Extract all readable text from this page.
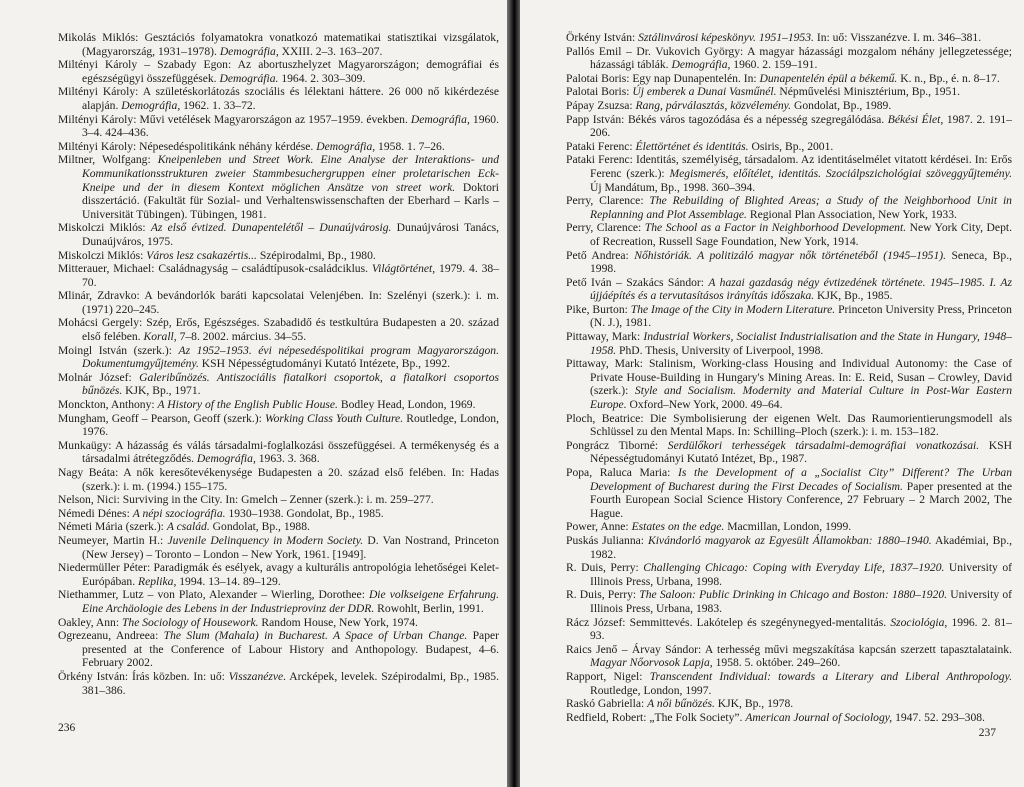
Mikolás Miklós: Gesztációs folyamatokra vonatkozó matematikai statisztikai vizsgálatok, (Magyarország, 1931–1978). Demográfia, XXIII. 2–3. 163–207.

Miltényi Károly – Szabady Egon: Az abortuszhelyzet Magyarországon; demográfiai és egészségügyi összefüggések. Demográfia. 1964. 2. 303–309.

Miltényi Károly: A születéskorlátozás szociális és lélektani háttere. 26 000 nő kikérdezése alapján. Demográfia, 1962. 1. 33–72.

Miltényi Károly: Művi vetélések Magyarországon az 1957–1959. években. Demográfia, 1960. 3–4. 424–436.

Miltényi Károly: Népesedéspolitikánk néhány kérdése. Demográfia, 1958. 1. 7–26.

Miltner, Wolfgang: Kneipenleben und Street Work. Eine Analyse der Interaktions- und Kommunikationsstrukturen zweier Stammbesuchergruppen einer proletarischen Eck-Kneipe und der in diesem Kontext möglichen Ansätze von street work. Doktori disszertáció. (Fakultät für Sozial- und Verhaltenswissenschaften der Eberhard – Karls – Universität Tübingen). Tübingen, 1981.

Miskolczi Miklós: Az első évtized. Dunapentelétől – Dunaújvárosig. Dunaújvárosi Tanács, Dunaújváros, 1975.

Miskolczi Miklós: Város lesz csakazértis... Szépirodalmi, Bp., 1980.

Mitterauer, Michael: Családnagyság – családtípusok-családciklus. Világtörténet, 1979. 4. 38–70.

Mlinár, Zdravko: A bevándorlók baráti kapcsolatai Velenjében. In: Szelényi (szerk.): i. m. (1971) 220–245.

Mohácsi Gergely: Szép, Erős, Egészséges. Szabadidő és testkultúra Budapesten a 20. század első felében. Korall, 7–8. 2002. március. 34–55.

Moingl István (szerk.): Az 1952–1953. évi népesedéspolitikai program Magyarországon. Dokumentumgyűjtemény. KSH Népességtudományi Kutató Intézete, Bp., 1992.

Molnár József: Galeribűnözés. Antiszociális fiatalkori csoportok, a fiatalkori csoportos bűnözés. KJK, Bp., 1971.

Monckton, Anthony: A History of the English Public House. Bodley Head, London, 1969.

Mungham, Geoff – Pearson, Geoff (szerk.): Working Class Youth Culture. Routledge, London, 1976.

Munkaügy: A házasság és válás társadalmi-foglalkozási összefüggései. A termékenység és a társadalmi átrétegződés. Demográfia, 1963. 3. 368.

Nagy Beáta: A nők keresőtevékenysége Budapesten a 20. század első felében. In: Hadas (szerk.): i. m. (1994.) 155–175.

Nelson, Nici: Surviving in the City. In: Gmelch – Zenner (szerk.): i. m. 259–277.

Némedi Dénes: A népi szociográfia. 1930–1938. Gondolat, Bp., 1985.

Németi Mária (szerk.): A család. Gondolat, Bp., 1988.

Neumeyer, Martin H.: Juvenile Delinquency in Modern Society. D. Van Nostrand, Princeton (New Jersey) – Toronto – London – New York, 1961. [1949].

Niedermüller Péter: Paradigmák és esélyek, avagy a kulturális antropológia lehetőségei Kelet-Európában. Replika, 1994. 13–14. 89–129.

Niethammer, Lutz – von Plato, Alexander – Wierling, Dorothee: Die volkseigene Erfahrung. Eine Archäologie des Lebens in der Industrieprovinz der DDR. Rowohlt, Berlin, 1991.

Oakley, Ann: The Sociology of Housework. Random House, New York, 1974.

Ogrezeanu, Andreea: The Slum (Mahala) in Bucharest. A Space of Urban Change. Paper presented at the Conference of Labour History and Anthopology. Budapest, 4–6. February 2002.

Örkény István: Írás közben. In: uő: Visszanézve. Arcképek, levelek. Szépirodalmi, Bp., 1985. 381–386.

236

Örkény István: Sztálinvárosi képeskönyv. 1951–1953. In: uő: Visszanézve. I. m. 346–381.

Pallós Emil – Dr. Vukovich György: A magyar házassági mozgalom néhány jellegzetessége; házassági táblák. Demográfia, 1960. 2. 159–191.

Palotai Boris: Egy nap Dunapentelén. In: Dunapentelén épül a békemű. K. n., Bp., é. n. 8–17.

Palotai Boris: Új emberek a Dunai Vasműnél. Népművelési Minisztérium, Bp., 1951.

Pápay Zsuzsa: Rang, párválasztás, közvélemény. Gondolat, Bp., 1989.

Papp István: Békés város tagozódása és a népesség szegregálódása. Békési Élet, 1987. 2. 191–206.

Pataki Ferenc: Élettörténet és identitás. Osiris, Bp., 2001.

Pataki Ferenc: Identitás, személyiség, társadalom. Az identitáselmélet vitatott kérdései. In: Erős Ferenc (szerk.): Megismerés, előítélet, identitás. Szociálpszichológiai szöveggyűjtemény. Új Mandátum, Bp., 1998. 360–394.

Perry, Clarence: The Rebuilding of Blighted Areas; a Study of the Neighborhood Unit in Replanning and Plot Assemblage. Regional Plan Association, New York, 1933.

Perry, Clarence: The School as a Factor in Neighborhood Development. New York City, Dept. of Recreation, Russell Sage Foundation, New York, 1914.

Pető Andrea: Nőhistóriák. A politizáló magyar nők történetéből (1945–1951). Seneca, Bp., 1998.

Pető Iván – Szakács Sándor: A hazai gazdaság négy évtizedének története. 1945–1985. I. Az újjáépítés és a tervutasításos irányítás időszaka. KJK, Bp., 1985.

Pike, Burton: The Image of the City in Modern Literature. Princeton University Press, Princeton (N. J.), 1981.

Pittaway, Mark: Industrial Workers, Socialist Industrialisation and the State in Hungary, 1948–1958. PhD. Thesis, University of Liverpool, 1998.

Pittaway, Mark: Stalinism, Working-class Housing and Individual Autonomy: the Case of Private House-Building in Hungary's Mining Areas. In: E. Reid, Susan – Crowley, David (szerk.): Style and Socialism. Modernity and Material Culture in Post-War Eastern Europe. Oxford–New York, 2000. 49–64.

Ploch, Beatrice: Die Symbolisierung der eigenen Welt. Das Raumorientierungsmodell als Schlüssel zu den Mental Maps. In: Schilling–Ploch (szerk.): i. m. 153–182.

Pongrácz Tiborné: Serdülőkori terhességek társadalmi-demográfiai vonatkozásai. KSH Népességtudományi Kutató Intézet, Bp., 1987.

Popa, Raluca Maria: Is the Development of a „Socialist City” Different? The Urban Development of Bucharest during the First Decades of Socialism. Paper presented at the Fourth European Social Science History Conference, 27 February – 2 March 2002, The Hague.

Power, Anne: Estates on the edge. Macmillan, London, 1999.

Puskás Julianna: Kivándorló magyarok az Egyesült Államokban: 1880–1940. Akadémiai, Bp., 1982.

R. Duis, Perry: Challenging Chicago: Coping with Everyday Life, 1837–1920. University of Illinois Press, Urbana, 1998.

R. Duis, Perry: The Saloon: Public Drinking in Chicago and Boston: 1880–1920. University of Illinois Press, Urbana, 1983.

Rácz József: Semmittevés. Lakótelep és szegénynegyed-mentalitás. Szociológia, 1996. 2. 81–93.

Raics Jenő – Árvay Sándor: A terhesség művi megszakítása kapcsán szerzett tapasztalataink. Magyar Nőorvosok Lapja, 1958. 5. október. 249–260.

Rapport, Nigel: Transcendent Individual: towards a Literary and Liberal Anthropology. Routledge, London, 1997.

Raskó Gabriella: A női bűnözés. KJK, Bp., 1978.

Redfield, Robert: „The Folk Society”. American Journal of Sociology, 1947. 52. 293–308.

237
